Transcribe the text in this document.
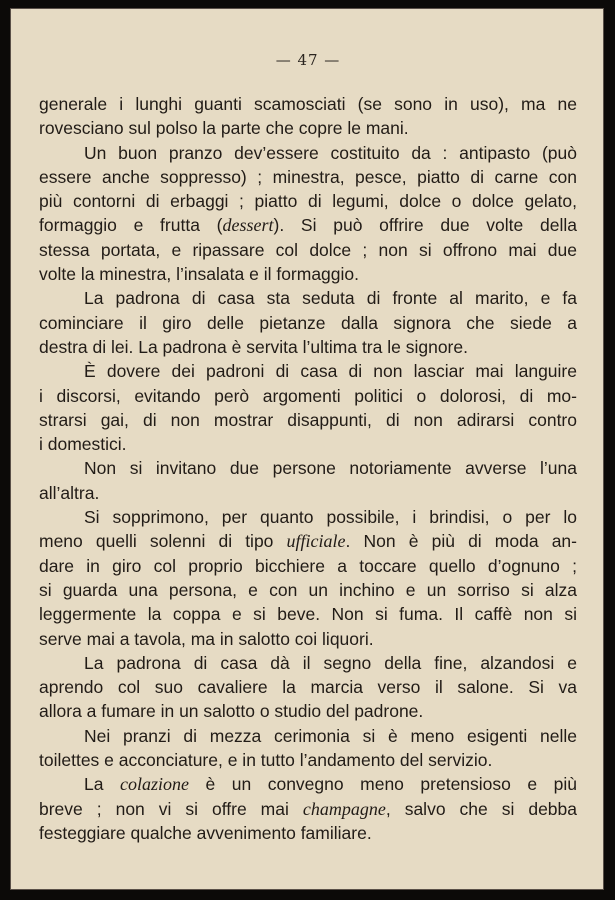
— 47 —
generale i lunghi guanti scamosciati (se sono in uso), ma ne
rovesciano sul polso la parte che copre le mani.
Un buon pranzo dev’essere costituito da : antipasto (può
essere anche soppresso) ; minestra, pesce, piatto di carne con
più contorni di erbaggi ; piatto di legumi, dolce o dolce gelato,
formaggio e frutta (dessert). Si può offrire due volte della
stessa portata, e ripassare col dolce ; non si offrono mai due
volte la minestra, l’insalata e il formaggio.
La padrona di casa sta seduta di fronte al marito, e fa
cominciare il giro delle pietanze dalla signora che siede a
destra di lei. La padrona è servita l’ultima tra le signore.
È dovere dei padroni di casa di non lasciar mai languire
i discorsi, evitando però argomenti politici o dolorosi, di mo-
strarsi gai, di non mostrar disappunti, di non adirarsi contro
i domestici.
Non si invitano due persone notoriamente avverse l’una
all’altra.
Si sopprimono, per quanto possibile, i brindisi, o per lo
meno quelli solenni di tipo ufficiale. Non è più di moda an-
dare in giro col proprio bicchiere a toccare quello d’ognuno ;
si guarda una persona, e con un inchino e un sorriso si alza
leggermente la coppa e si beve. Non si fuma. Il caffè non si
serve mai a tavola, ma in salotto coi liquori.
La padrona di casa dà il segno della fine, alzandosi e
aprendo col suo cavaliere la marcia verso il salone. Si va
allora a fumare in un salotto o studio del padrone.
Nei pranzi di mezza cerimonia si è meno esigenti nelle
toilettes e acconciature, e in tutto l’andamento del servizio.
La colazione è un convegno meno pretensioso e più
breve ; non vi si offre mai champagne, salvo che si debba
festeggiare qualche avvenimento familiare.
